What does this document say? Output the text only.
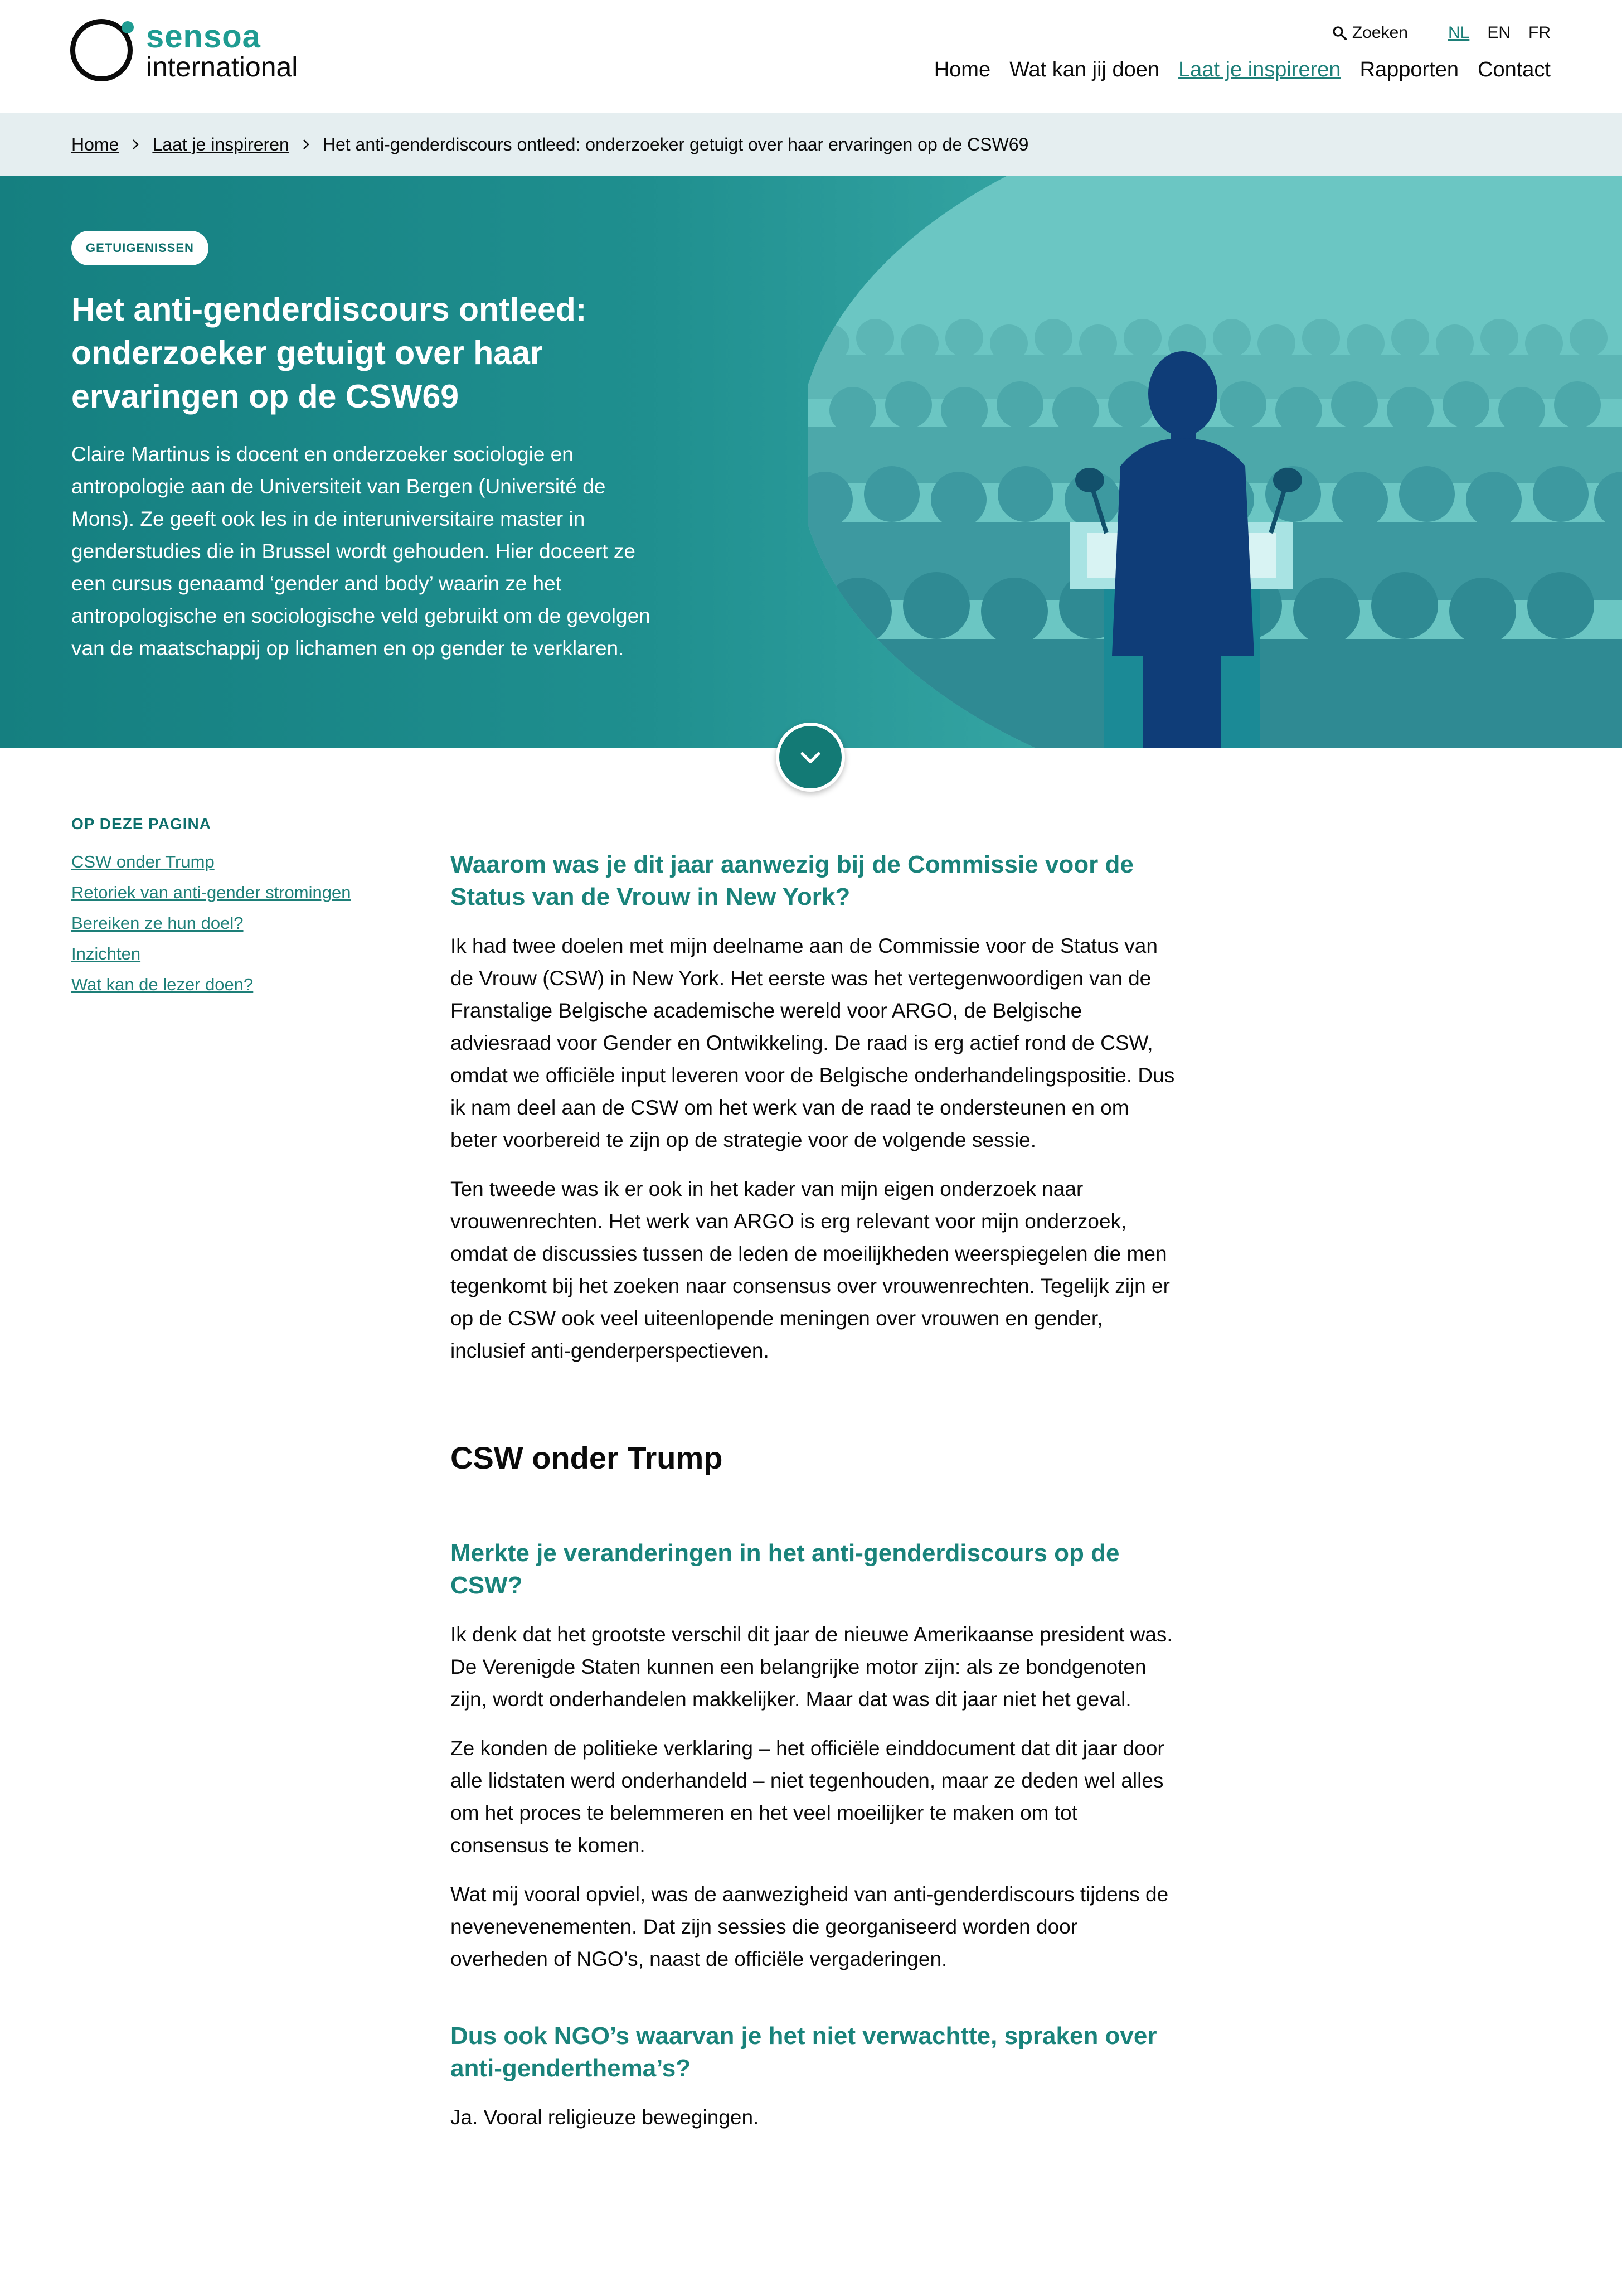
sensoa
international
Zoeken NL EN FR
Home Wat kan jij doen Laat je inspireren Rapporten Contact
Home Laat je inspireren Het anti-genderdiscours ontleed: onderzoeker getuigt over haar ervaringen op de CSW69
GETUIGENISSEN
Het anti-genderdiscours ontleed: onderzoeker getuigt over haar ervaringen op de CSW69

Claire Martinus is docent en onderzoeker sociologie en antropologie aan de Universiteit van Bergen (Université de Mons). Ze geeft ook les in de interuniversitaire master in genderstudies die in Brussel wordt gehouden. Hier doceert ze een cursus genaamd ‘gender and body’ waarin ze het antropologische en sociologische veld gebruikt om de gevolgen van de maatschappij op lichamen en op gender te verklaren.

OP DEZE PAGINA
CSW onder Trump
Retoriek van anti-gender stromingen
Bereiken ze hun doel?
Inzichten
Wat kan de lezer doen?
Waarom was je dit jaar aanwezig bij de Commissie voor de Status van de Vrouw in New York?

Ik had twee doelen met mijn deelname aan de Commissie voor de Status van de Vrouw (CSW) in New York. Het eerste was het vertegenwoordigen van de Franstalige Belgische academische wereld voor ARGO, de Belgische adviesraad voor Gender en Ontwikkeling. De raad is erg actief rond de CSW, omdat we officiële input leveren voor de Belgische onderhandelingspositie. Dus ik nam deel aan de CSW om het werk van de raad te ondersteunen en om beter voorbereid te zijn op de strategie voor de volgende sessie.

Ten tweede was ik er ook in het kader van mijn eigen onderzoek naar vrouwenrechten. Het werk van ARGO is erg relevant voor mijn onderzoek, omdat de discussies tussen de leden de moeilijkheden weerspiegelen die men tegenkomt bij het zoeken naar consensus over vrouwenrechten. Tegelijk zijn er op de CSW ook veel uiteenlopende meningen over vrouwen en gender, inclusief anti-genderperspectieven.

CSW onder Trump
Merkte je veranderingen in het anti-genderdiscours op de CSW?

Ik denk dat het grootste verschil dit jaar de nieuwe Amerikaanse president was. De Verenigde Staten kunnen een belangrijke motor zijn: als ze bondgenoten zijn, wordt onderhandelen makkelijker. Maar dat was dit jaar niet het geval.

Ze konden de politieke verklaring – het officiële einddocument dat dit jaar door alle lidstaten werd onderhandeld – niet tegenhouden, maar ze deden wel alles om het proces te belemmeren en het veel moeilijker te maken om tot consensus te komen.

Wat mij vooral opviel, was de aanwezigheid van anti-genderdiscours tijdens de nevenevenementen. Dat zijn sessies die georganiseerd worden door overheden of NGO’s, naast de officiële vergaderingen.

Dus ook NGO’s waarvan je het niet verwachtte, spraken over anti-genderthema’s?

Ja. Vooral religieuze bewegingen.
